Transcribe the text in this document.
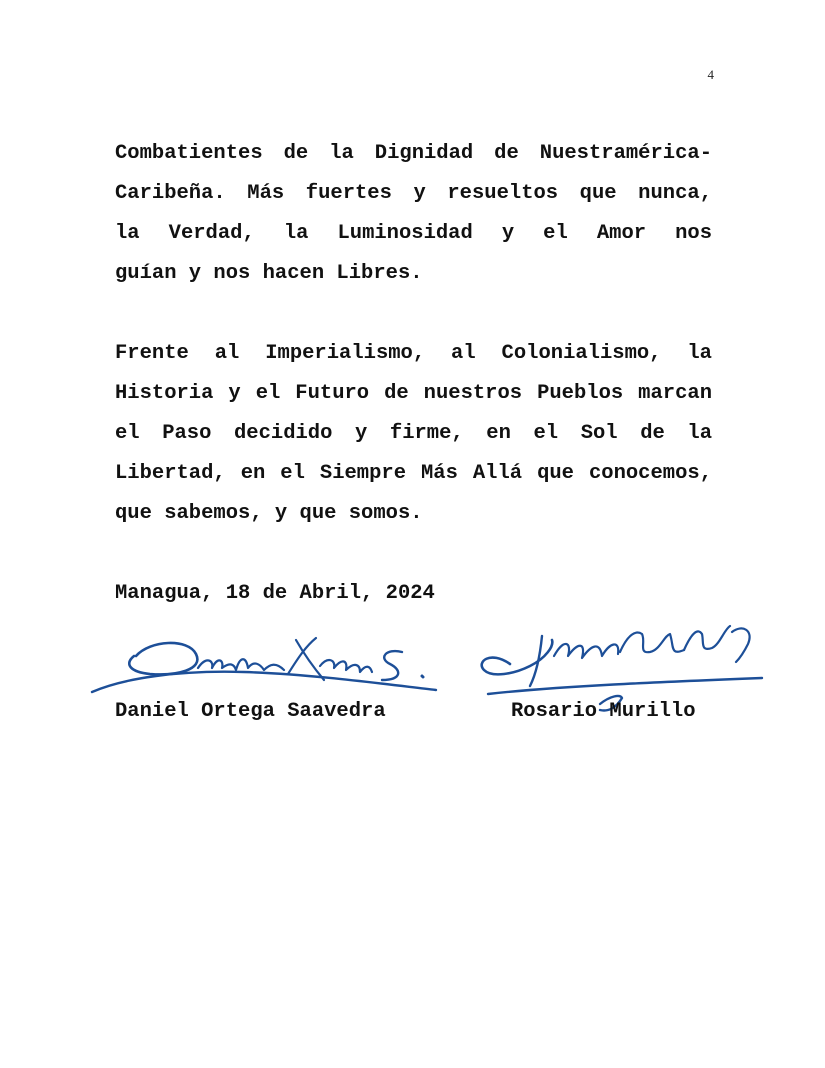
4
Combatientes de la Dignidad de Nuestramérica-
Caribeña. Más fuertes y resueltos que nunca,
la Verdad, la Luminosidad y el Amor nos
guían y nos hacen Libres.
Frente al Imperialismo, al Colonialismo, la
Historia y el Futuro de nuestros Pueblos marcan
el Paso decidido y firme, en el Sol de la
Libertad, en el Siempre Más Allá que conocemos,
que sabemos, y que somos.
Managua, 18 de Abril, 2024
Daniel Ortega Saavedra	Rosario Murillo
